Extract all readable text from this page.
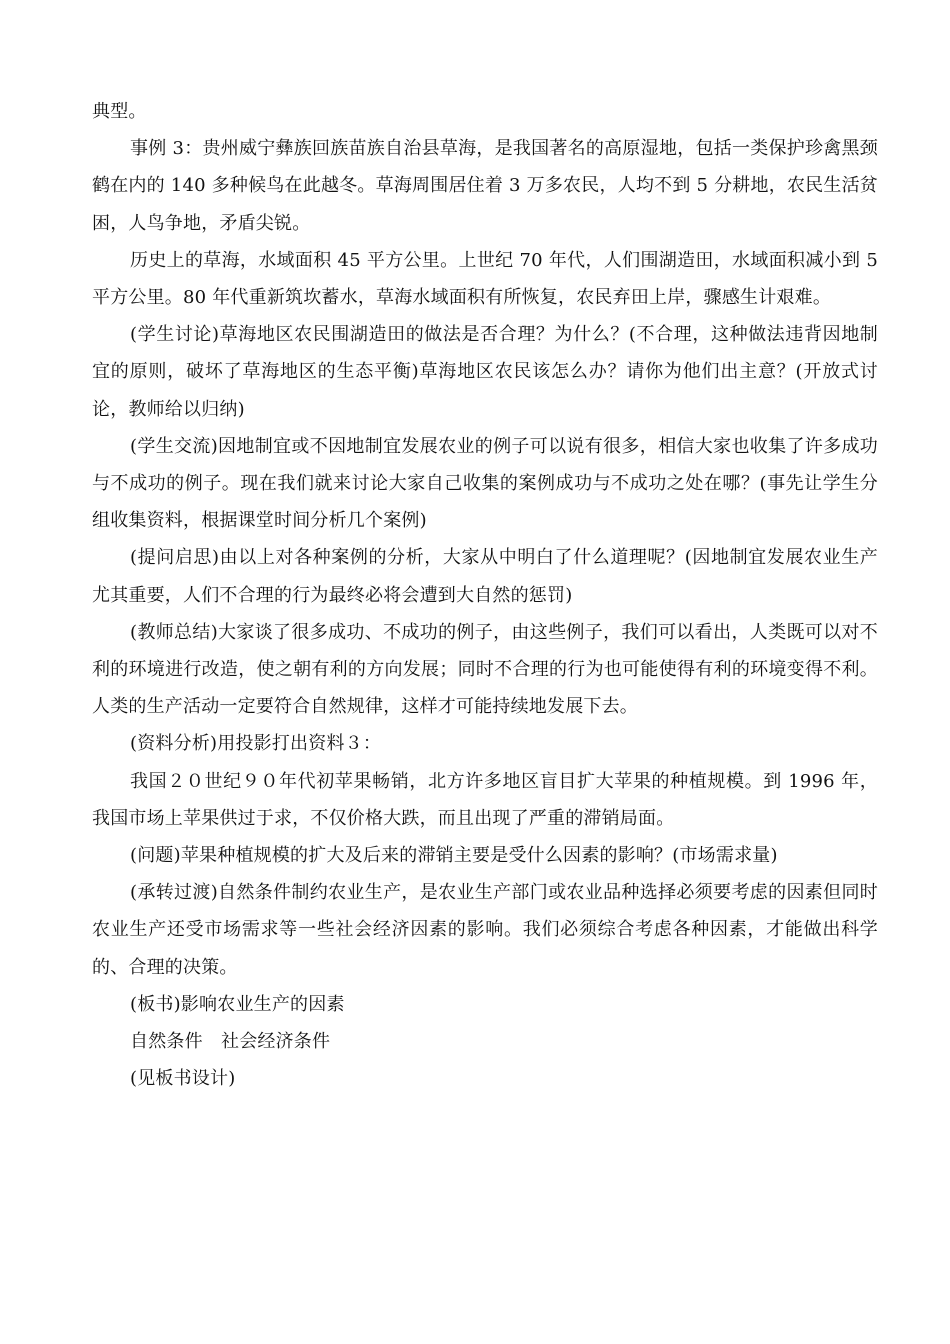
典型。

事例 3：贵州威宁彝族回族苗族自治县草海，是我国著名的高原湿地，包括一类保护珍禽黑颈鹤在内的 140 多种候鸟在此越冬。草海周围居住着 3 万多农民，人均不到 5 分耕地，农民生活贫困，人鸟争地，矛盾尖锐。

历史上的草海，水域面积 45 平方公里。上世纪 70 年代，人们围湖造田，水域面积减小到 5 平方公里。80 年代重新筑坎蓄水，草海水域面积有所恢复，农民弃田上岸，骤感生计艰难。

(学生讨论)草海地区农民围湖造田的做法是否合理？为什么？(不合理，这种做法违背因地制宜的原则，破坏了草海地区的生态平衡)草海地区农民该怎么办？请你为他们出主意？(开放式讨论，教师给以归纳)

(学生交流)因地制宜或不因地制宜发展农业的例子可以说有很多，相信大家也收集了许多成功与不成功的例子。现在我们就来讨论大家自己收集的案例成功与不成功之处在哪？(事先让学生分组收集资料，根据课堂时间分析几个案例)

(提问启思)由以上对各种案例的分析，大家从中明白了什么道理呢？(因地制宜发展农业生产尤其重要，人们不合理的行为最终必将会遭到大自然的惩罚)

(教师总结)大家谈了很多成功、不成功的例子，由这些例子，我们可以看出，人类既可以对不利的环境进行改造，使之朝有利的方向发展；同时不合理的行为也可能使得有利的环境变得不利。人类的生产活动一定要符合自然规律，这样才可能持续地发展下去。

(资料分析)用投影打出资料３：

我国２０世纪９０年代初苹果畅销，北方许多地区盲目扩大苹果的种植规模。到 1996 年，我国市场上苹果供过于求，不仅价格大跌，而且出现了严重的滞销局面。

(问题)苹果种植规模的扩大及后来的滞销主要是受什么因素的影响？(市场需求量)

(承转过渡)自然条件制约农业生产，是农业生产部门或农业品种选择必须要考虑的因素但同时农业生产还受市场需求等一些社会经济因素的影响。我们必须综合考虑各种因素，才能做出科学的、合理的决策。

(板书)影响农业生产的因素

自然条件　社会经济条件

(见板书设计)
